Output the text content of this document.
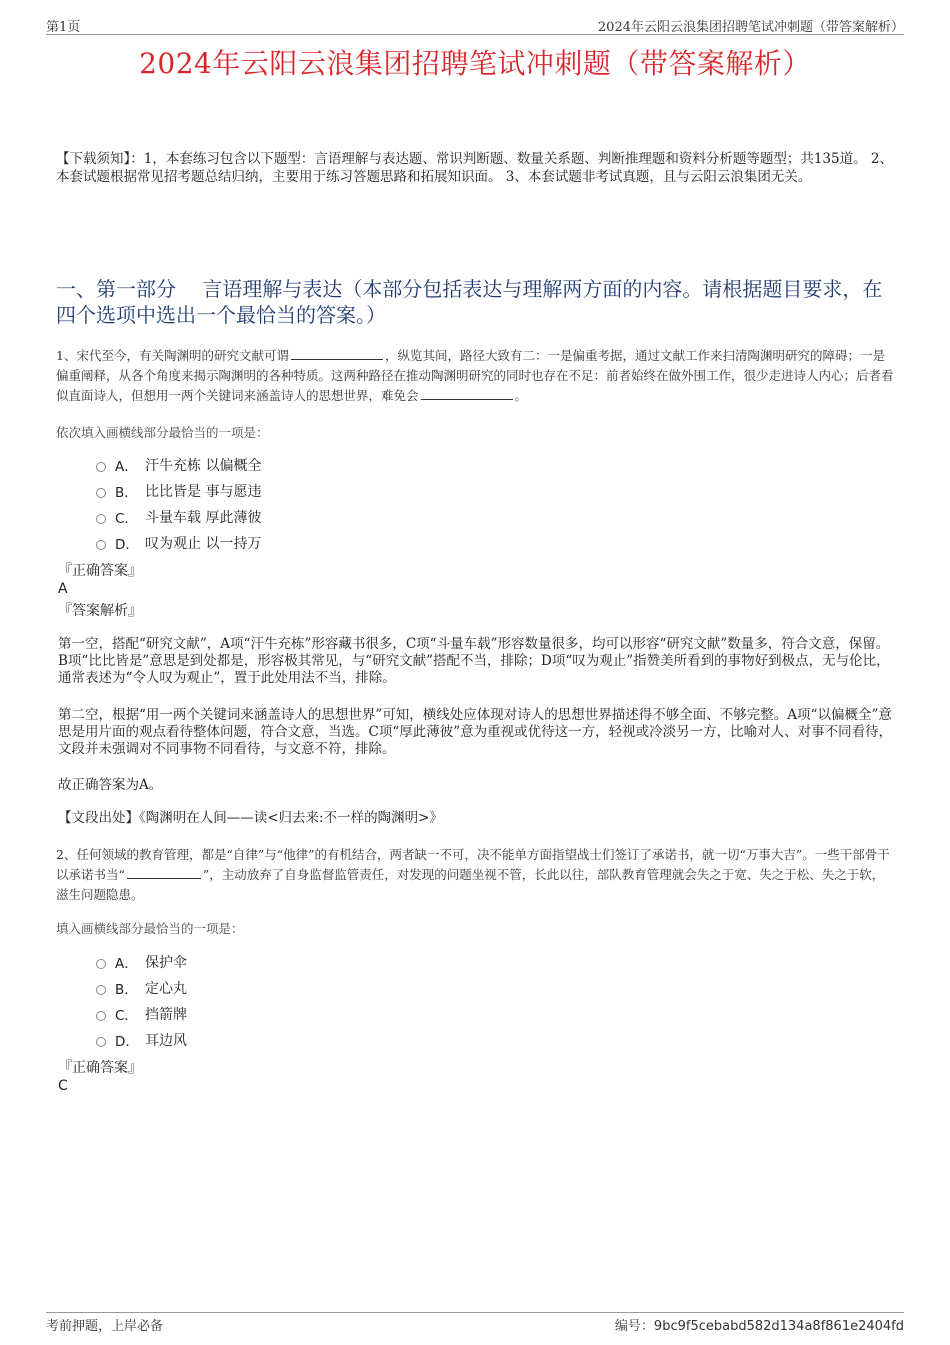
第1页	2024年云阳云浪集团招聘笔试冲刺题（带答案解析）
2024年云阳云浪集团招聘笔试冲刺题（带答案解析）
【下载须知】：1，本套练习包含以下题型：言语理解与表达题、常识判断题、数量关系题、判断推理题和资料分析题等题型；共135道。 2、本套试题根据常见招考题总结归纳，主要用于练习答题思路和拓展知识面。 3、本套试题非考试真题，且与云阳云浪集团无关。
一、第一部分　 言语理解与表达（本部分包括表达与理解两方面的内容。请根据题目要求，在四个选项中选出一个最恰当的答案。）
1、宋代至今，有关陶渊明的研究文献可谓	，纵览其间，路径大致有二：一是偏重考据，通过文献工作来扫清陶渊明研究的障碍；一是偏重阐释，从各个角度来揭示陶渊明的各种特质。这两种路径在推动陶渊明研究的同时也存在不足：前者始终在做外围工作，很少走进诗人内心；后者看似直面诗人，但想用一两个关键词来涵盖诗人的思想世界，难免会	。
依次填入画横线部分最恰当的一项是：
A． 汗牛充栋 以偏概全
B． 比比皆是 事与愿违
C． 斗量车载 厚此薄彼
D． 叹为观止 以一持万
『正确答案』
A
『答案解析』
第一空，搭配“研究文献”，A项“汗牛充栋”形容藏书很多，C项“斗量车载”形容数量很多，均可以形容“研究文献”数量多，符合文意，保留。B项“比比皆是”意思是到处都是，形容极其常见，与“研究文献”搭配不当，排除；D项“叹为观止”指赞美所看到的事物好到极点，无与伦比，通常表述为“令人叹为观止”，置于此处用法不当，排除。
第二空，根据“用一两个关键词来涵盖诗人的思想世界”可知，横线处应体现对诗人的思想世界描述得不够全面、不够完整。A项“以偏概全”意思是用片面的观点看待整体问题，符合文意，当选。C项“厚此薄彼”意为重视或优待这一方，轻视或冷淡另一方，比喻对人、对事不同看待，文段并未强调对不同事物不同看待，与文意不符，排除。
故正确答案为A。
【文段出处】《陶渊明在人间——读<归去来:不一样的陶渊明>》
2、任何领域的教育管理，都是“自律”与“他律”的有机结合，两者缺一不可，决不能单方面指望战士们签订了承诺书，就一切“万事大吉”。一些干部骨干以承诺书当“	”，主动放弃了自身监督监管责任，对发现的问题坐视不管，长此以往，部队教育管理就会失之于宽、失之于松、失之于软，滋生问题隐患。
填入画横线部分最恰当的一项是：
A． 保护伞
B． 定心丸
C． 挡箭牌
D． 耳边风
『正确答案』
C
考前押题，上岸必备	编号：9bc9f5cebabd582d134a8f861e2404fd
